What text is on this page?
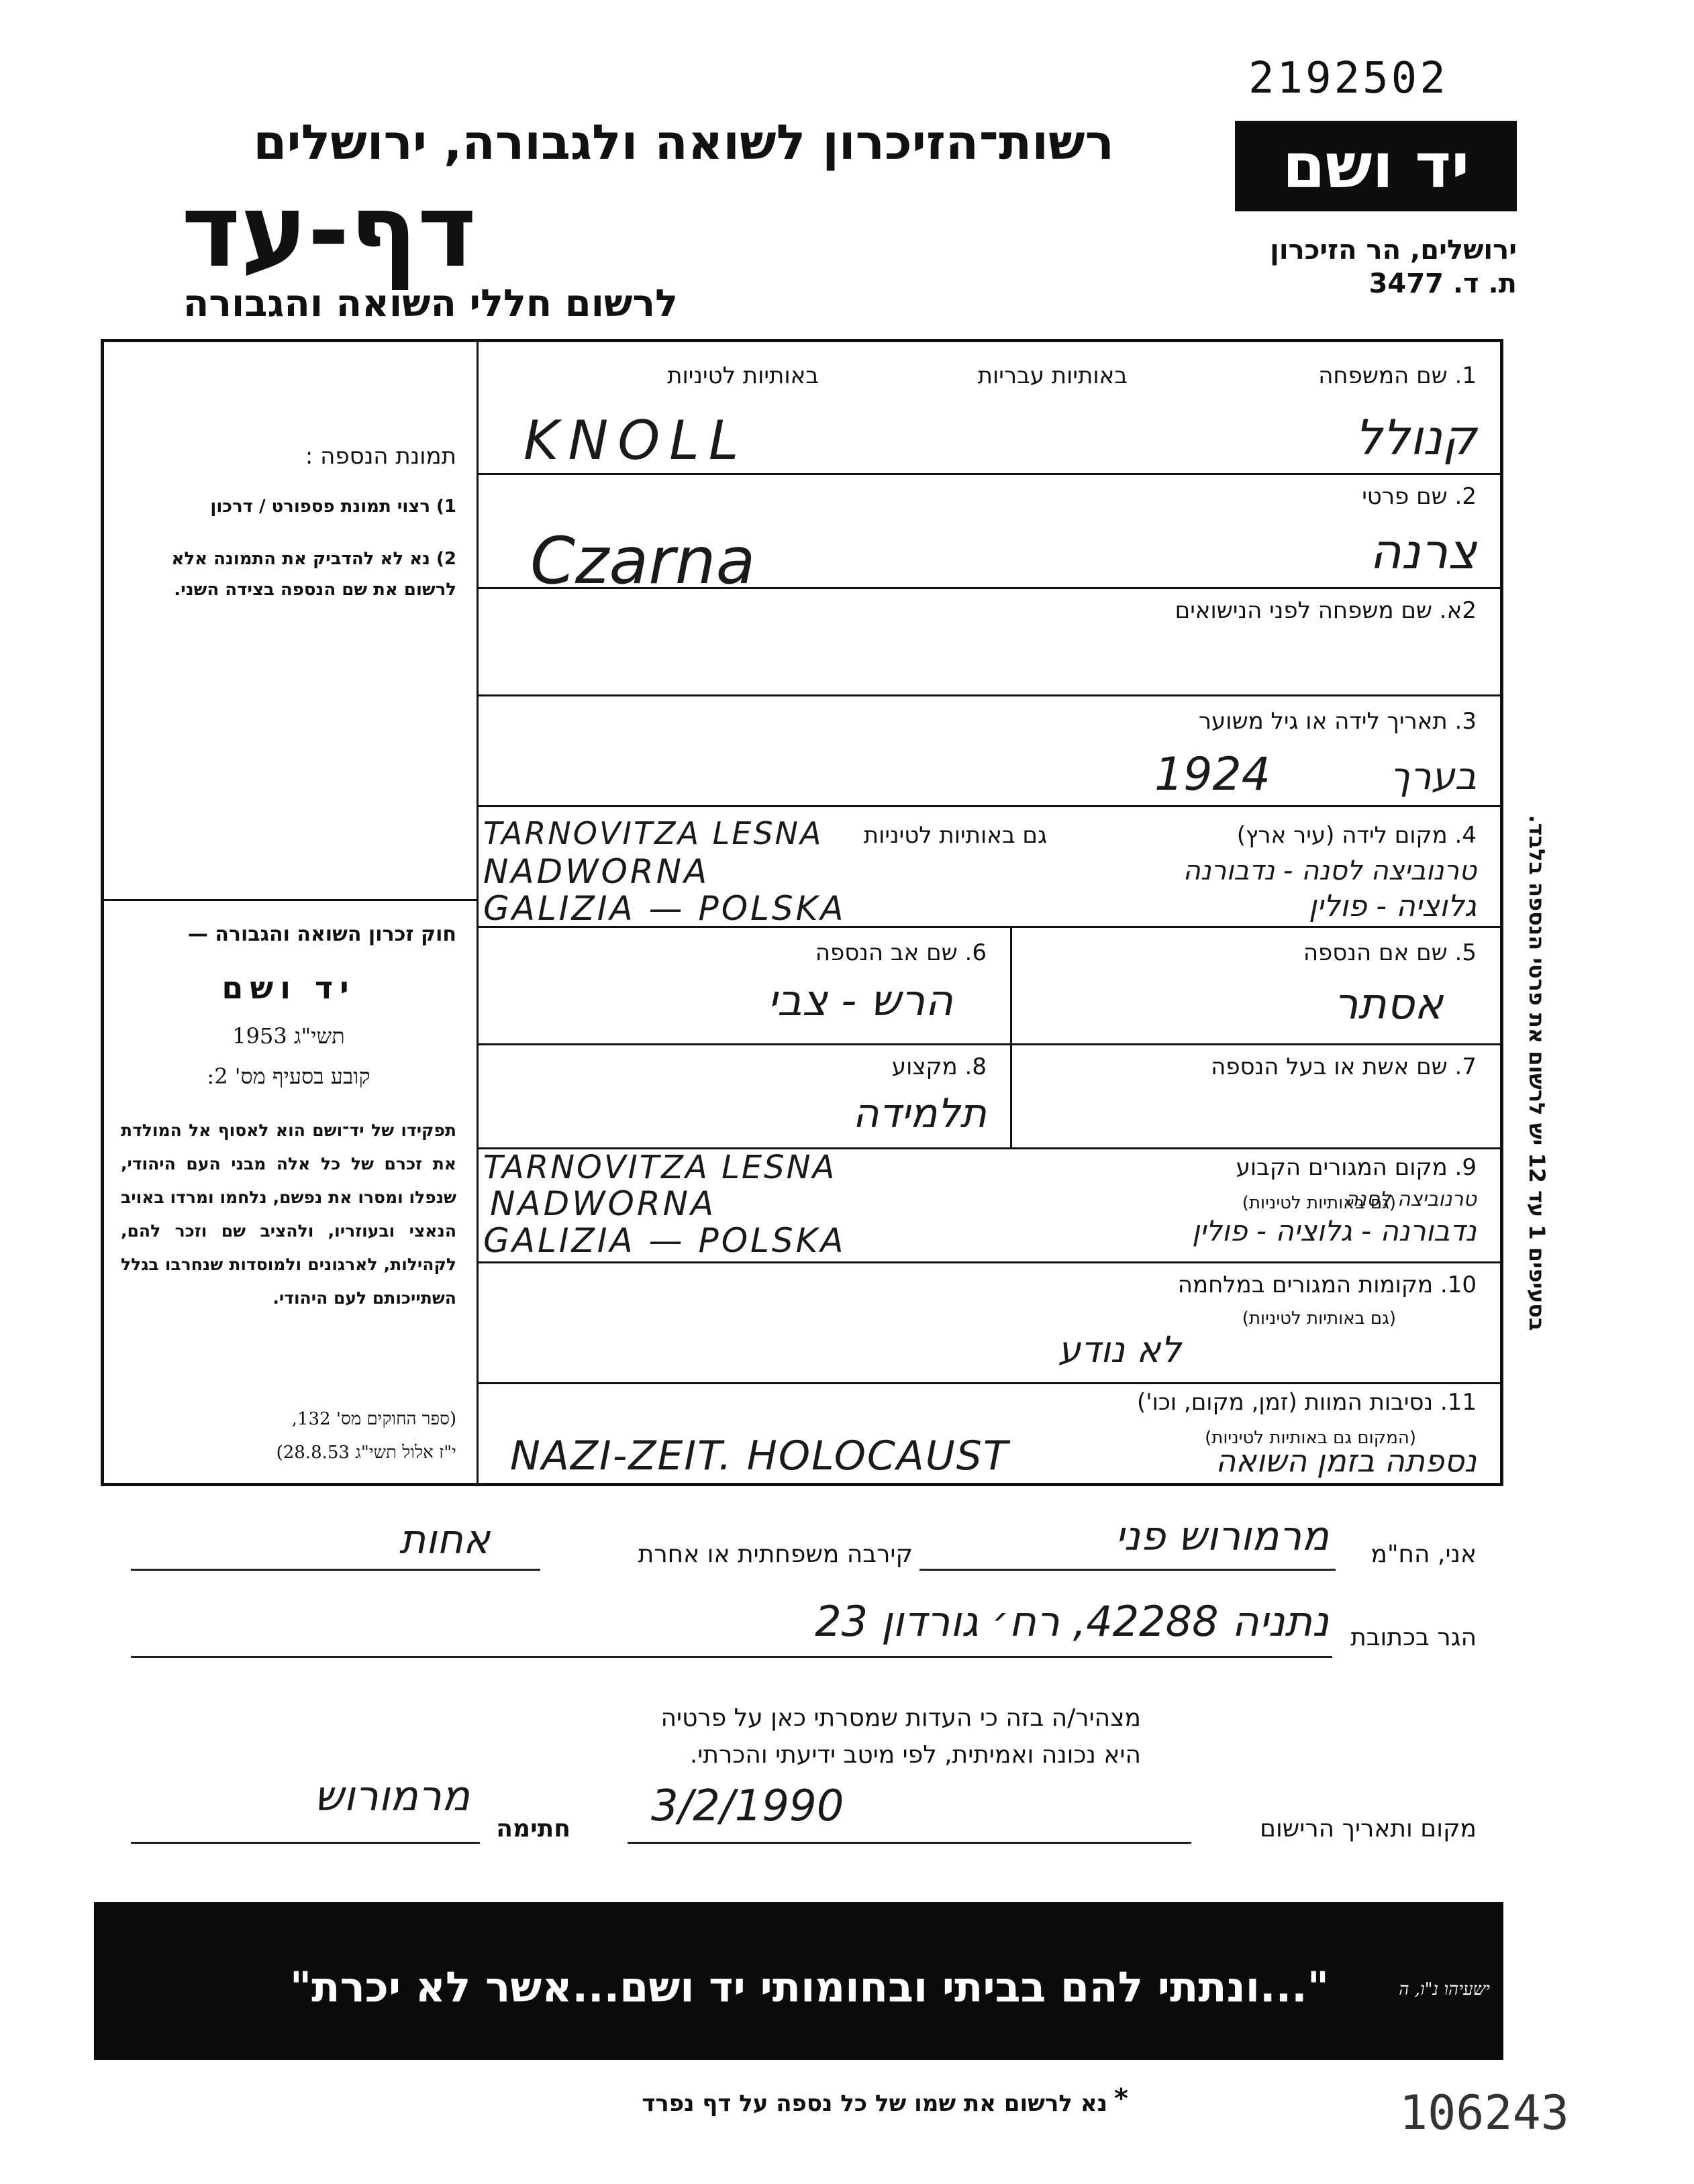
2192502
רשות־הזיכרון לשואה ולגבורה, ירושלים
דף-עד
לרשום חללי השואה והגבורה
יד ושם
ירושלים, הר הזיכרון
ת. ד. 3477
תמונת הנספה :
1) רצוי תמונת פספורט / דרכון
2) נא לא להדביק את התמונה אלא לרשום את שם הנספה בצידה השני.
חוק זכרון השואה והגבורה —
יד ושם
תשי"ג 1953
קובע בסעיף מס' 2:
תפקידו של יד־ושם הוא לאסוף אל המולדת את זכרם של כל אלה מבני העם היהודי, שנפלו ומסרו את נפשם, נלחמו ומרדו באויב הנאצי ובעוזריו, ולהציב שם וזכר להם, לקהילות, לארגונים ולמוסדות שנחרבו בגלל השתייכותם לעם היהודי.
(ספר החוקים מס' 132,
י"ז אלול תשי"ג 28.8.53)
1. שם המשפחה
באותיות עבריות
באותיות לטיניות
KNOLL	קנולל
2. שם פרטי
Czarna	צרנה
2א. שם משפחה לפני הנישואים
3. תאריך לידה או גיל משוער
1924	בערך
4. מקום לידה (עיר ארץ)
גם באותיות לטיניות
TARNOVITZA LESNA
NADWORNA
GALIZIA — POLSKA
טרנוביצה לסנה - נדבורנה
גלוציה - פולין
5. שם אם הנספה
אסתר
6. שם אב הנספה
הרש - צבי
7. שם אשת או בעל הנספה
8. מקצוע
תלמידה
9. מקום המגורים הקבוע
(גם באותיות לטיניות)
TARNOVITZA LESNA
NADWORNA
GALIZIA — POLSKA
טרנוביצה לסנה
נדבורנה - גלוציה - פולין
10. מקומות המגורים במלחמה
(גם באותיות לטיניות)
לא נודע
11. נסיבות המוות (זמן, מקום, וכו')
(המקום גם באותיות לטיניות)
NAZI-ZEIT. HOLOCAUST	נספתה בזמן השואה
בסעיפים 1 עד 12 יש לרשום את פרטי הנספה בלבד.
אני, הח"מ
מרמורוש פני
קירבה משפחתית או אחרת
אחות
הגר בכתובת
נתניה 42288, רח׳ גורדון 23
מצהיר/ה בזה כי העדות שמסרתי כאן על פרטיה
היא נכונה ואמיתית, לפי מיטב ידיעתי והכרתי.
מקום ותאריך הרישום
3/2/1990
חתימה
מרמורוש
"...ונתתי להם בביתי ובחומותי יד ושם...אשר לא יכרת"	ישעיהו נ"ו, ה
נא לרשום את שמו של כל נספה על דף נפרד *	106243
